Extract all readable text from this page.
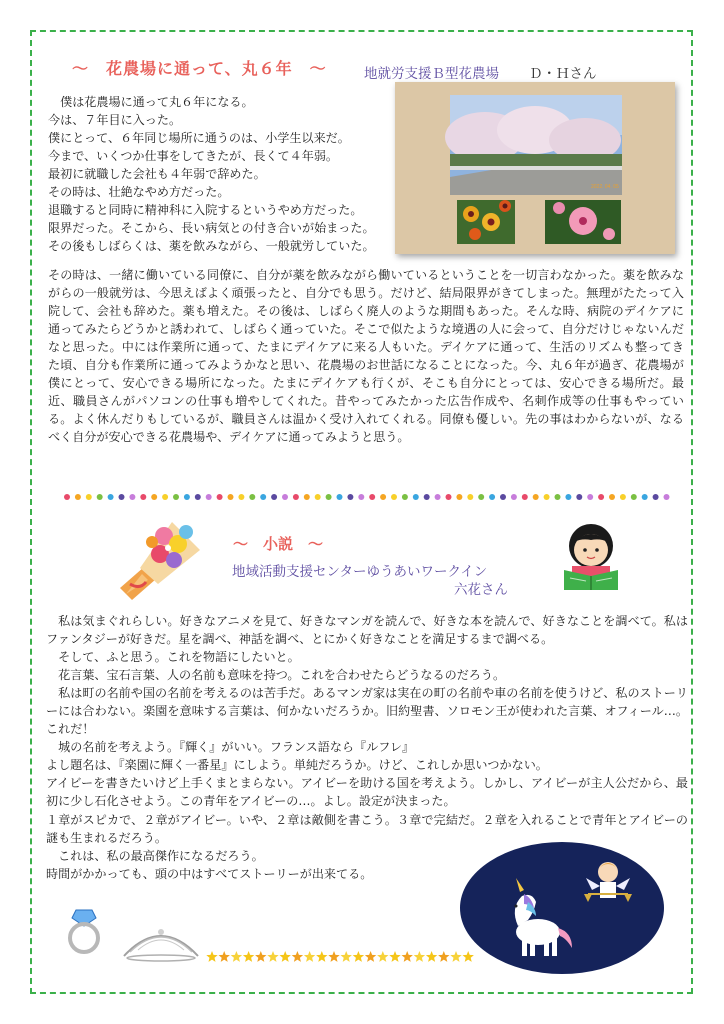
～　花農場に通って、丸６年　～	地就労支援Ｂ型花農場 Ｄ・Ｈさん
2022. 04. 05

　僕は花農場に通って丸６年になる。

今は、７年目に入った。

僕にとって、６年同じ場所に通うのは、小学生以来だ。

今まで、いくつか仕事をしてきたが、長くて４年弱。

最初に就職した会社も４年弱で辞めた。

その時は、壮絶なやめ方だった。

退職すると同時に精神科に入院するというやめ方だった。

限界だった。そこから、長い病気との付き合いが始まった。

その後もしばらくは、薬を飲みながら、一般就労していた。

その時は、一緒に働いている同僚に、自分が薬を飲みながら働いているということを一切言わなかった。薬を飲みながらの一般就労は、今思えばよく頑張ったと、自分でも思う。だけど、結局限界がきてしまった。無理がたたって入院して、会社も辞めた。薬も増えた。その後は、しばらく廃人のような期間もあった。そんな時、病院のデイケアに通ってみたらどうかと誘われて、しばらく通っていた。そこで似たような境遇の人に会って、自分だけじゃないんだなと思った。中には作業所に通って、たまにデイケアに来る人もいた。デイケアに通って、生活のリズムも整ってきた頃、自分も作業所に通ってみようかなと思い、花農場のお世話になることになった。今、丸６年が過ぎ、花農場が僕にとって、安心できる場所になった。たまにデイケアも行くが、そこも自分にとっては、安心できる場所だ。最近、職員さんがパソコンの仕事も増やしてくれた。昔やってみたかった広告作成や、名刺作成等の仕事もやっている。よく休んだりもしているが、職員さんは温かく受け入れてくれる。同僚も優しい。先の事はわからないが、なるべく自分が安心できる花農場や、デイケアに通ってみようと思う。

～　小説　～
地域活動支援センターゆうあいワークイン
六花さん

　私は気まぐれらしい。好きなアニメを見て、好きなマンガを読んで、好きな本を読んで、好きなことを調べて。私はファンタジーが好きだ。星を調べ、神話を調べ、とにかく好きなことを満足するまで調べる。

　そして、ふと思う。これを物語にしたいと。

　花言葉、宝石言葉、人の名前も意味を持つ。これを合わせたらどうなるのだろう。

　私は町の名前や国の名前を考えるのは苦手だ。あるマンガ家は実在の町の名前や車の名前を使うけど、私のストーリーには合わない。楽園を意味する言葉は、何かないだろうか。旧約聖書、ソロモン王が使われた言葉、オフィール…。これだ！

　城の名前を考えよう。『輝く』がいい。フランス語なら『ルフレ』

よし題名は、『楽園に輝く一番星』にしよう。単純だろうか。けど、これしか思いつかない。

アイビーを書きたいけど上手くまとまらない。アイビーを助ける国を考えよう。しかし、アイビーが主人公だから、最初に少し石化させよう。この青年をアイビーの…。よし。設定が決まった。

１章がスピカで、２章がアイビー。いや、２章は敵側を書こう。３章で完結だ。２章を入れることで青年とアイビーの謎も生まれるだろう。

　これは、私の最高傑作になるだろう。

時間がかかっても、頭の中はすべてストーリーが出来てる。
